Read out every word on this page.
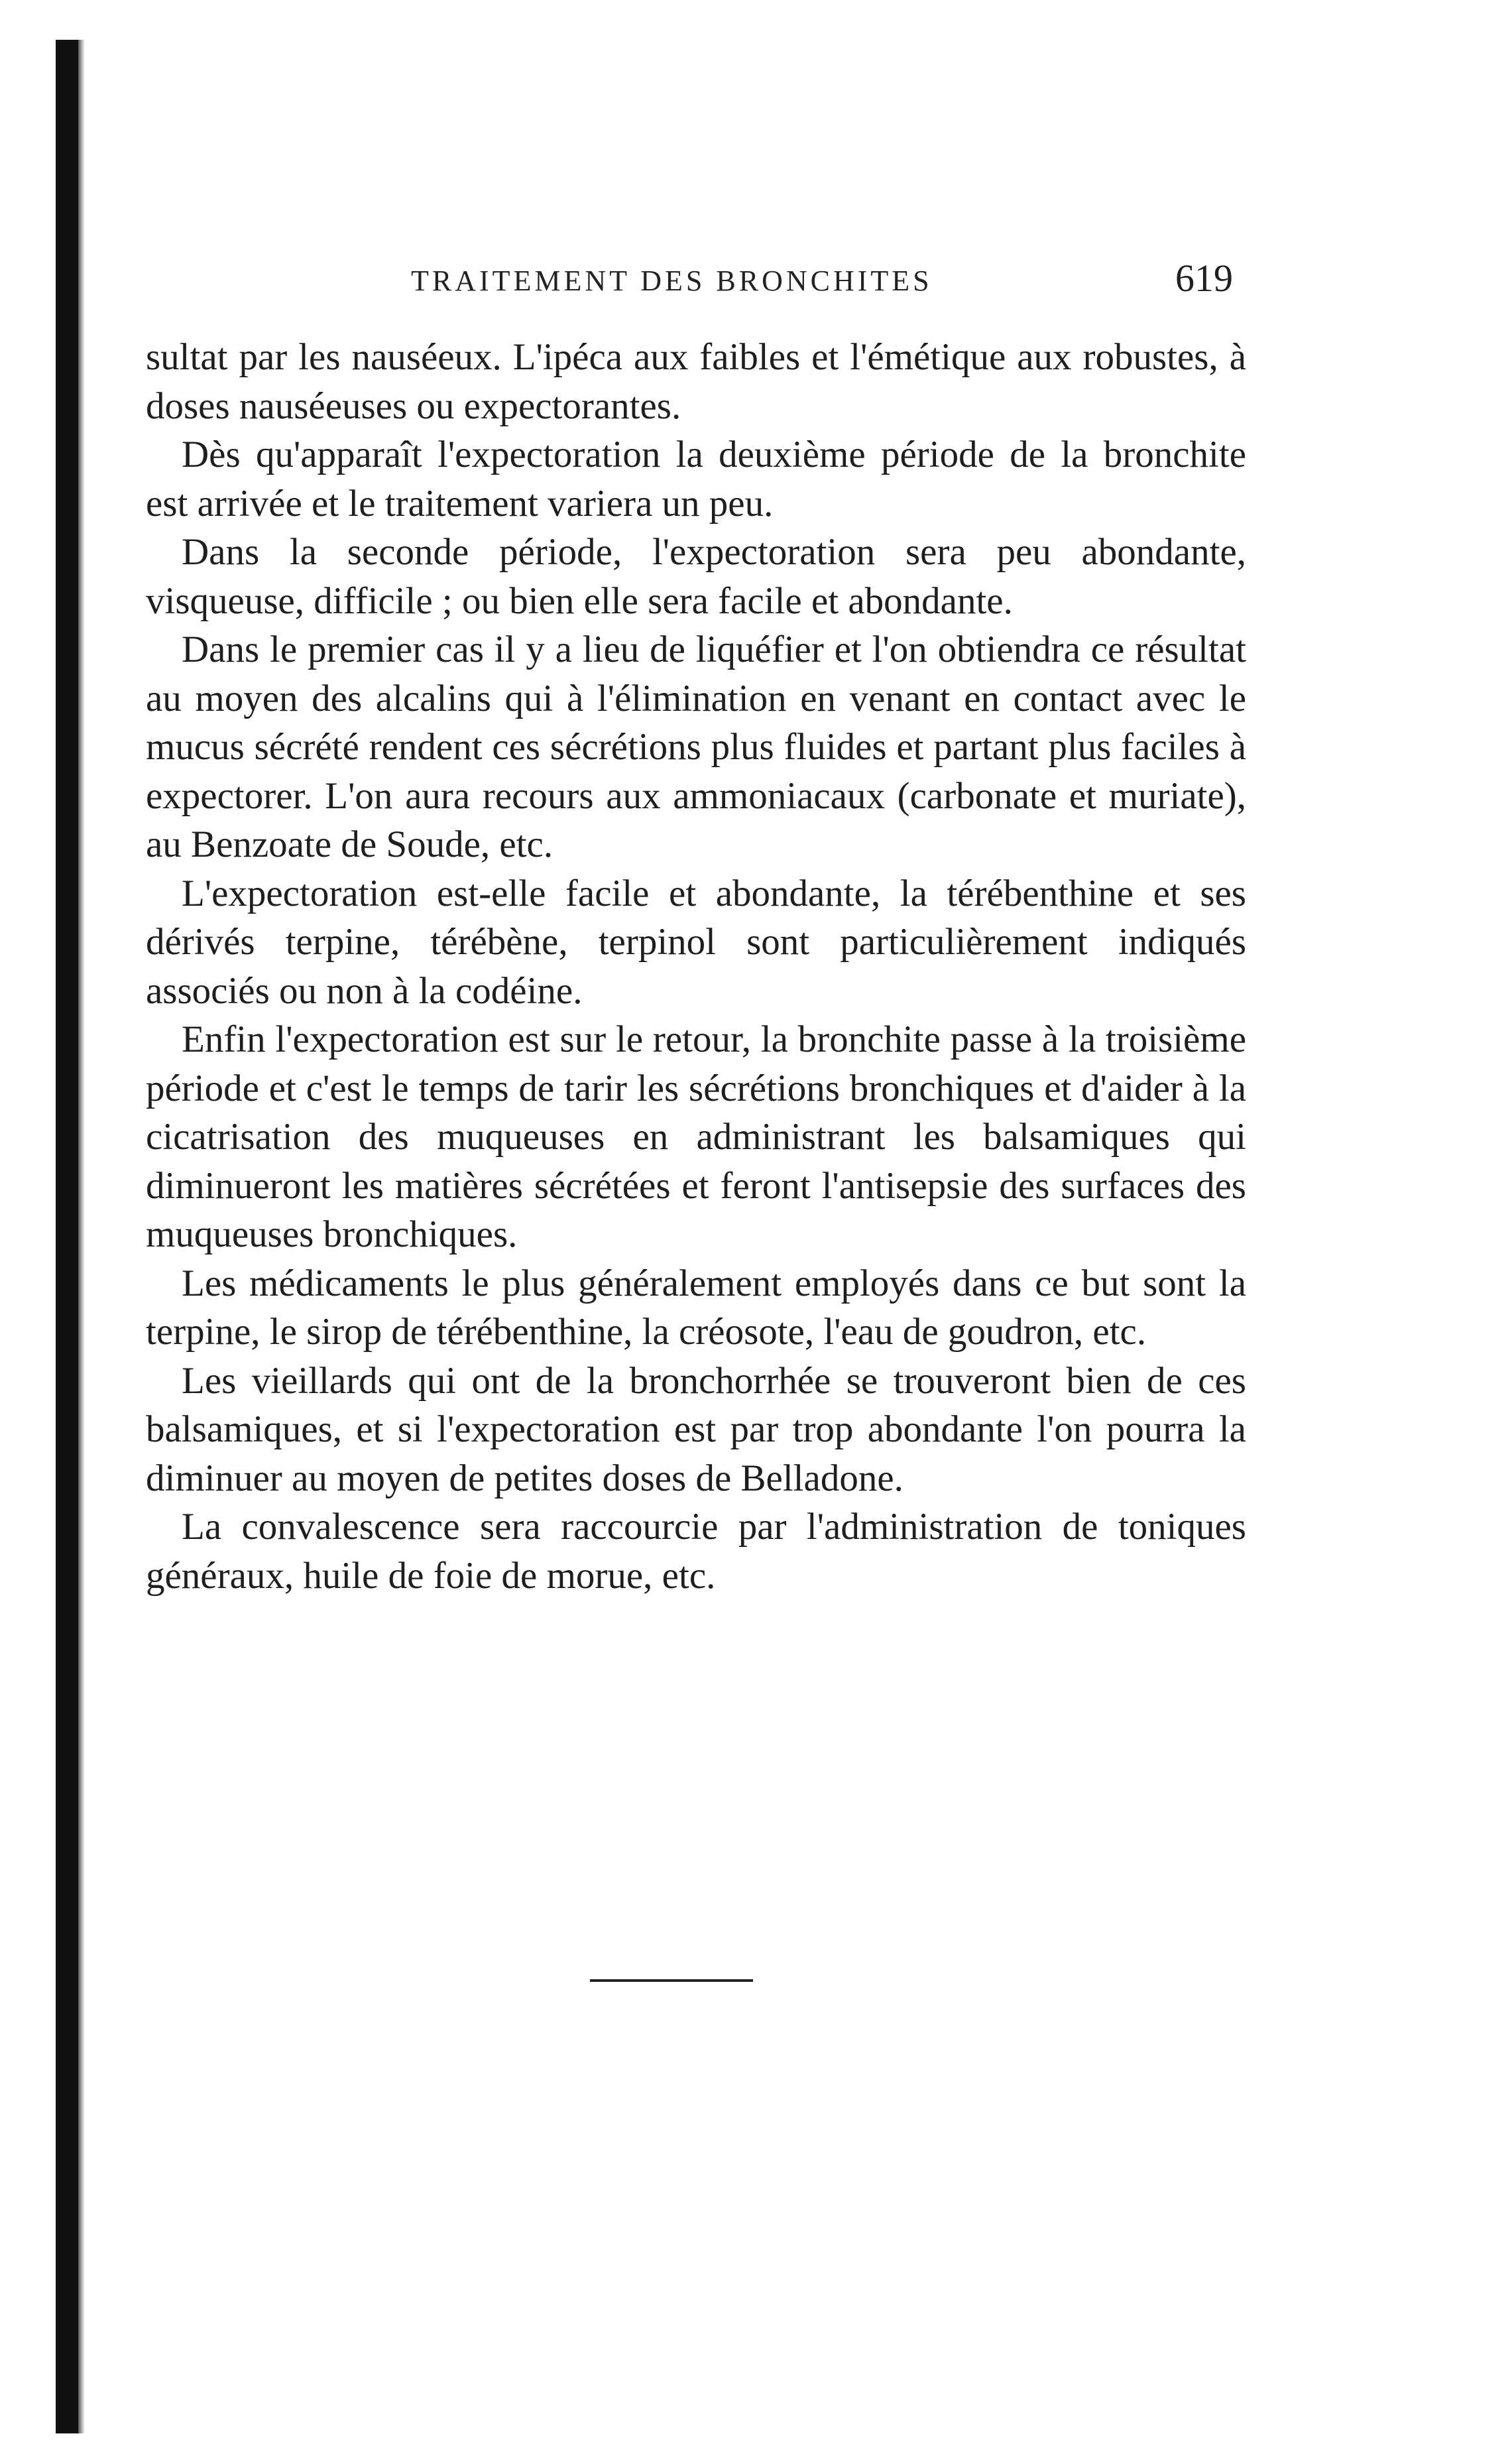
TRAITEMENT DES BRONCHITES	619

sultat par les nauséeux. L'ipéca aux faibles et l'émétique aux robustes, à doses nauséeuses ou expectorantes.

Dès qu'apparaît l'expectoration la deuxième période de la bronchite est arrivée et le traitement variera un peu.

Dans la seconde période, l'expectoration sera peu abondante, visqueuse, difficile ; ou bien elle sera facile et abondante.

Dans le premier cas il y a lieu de liquéfier et l'on obtiendra ce résultat au moyen des alcalins qui à l'élimination en venant en contact avec le mucus sécrété rendent ces sécrétions plus fluides et partant plus faciles à expectorer. L'on aura recours aux ammoniacaux (carbonate et muriate), au Benzoate de Soude, etc.

L'expectoration est-elle facile et abondante, la térébenthine et ses dérivés terpine, térébène, terpinol sont particulièrement indiqués associés ou non à la codéine.

Enfin l'expectoration est sur le retour, la bronchite passe à la troisième période et c'est le temps de tarir les sécrétions bronchiques et d'aider à la cicatrisation des muqueuses en administrant les balsamiques qui diminueront les matières sécrétées et feront l'antisepsie des surfaces des muqueuses bronchiques.

Les médicaments le plus généralement employés dans ce but sont la terpine, le sirop de térébenthine, la créosote, l'eau de goudron, etc.

Les vieillards qui ont de la bronchorrhée se trouveront bien de ces balsamiques, et si l'expectoration est par trop abondante l'on pourra la diminuer au moyen de petites doses de Belladone.

La convalescence sera raccourcie par l'administration de toniques généraux, huile de foie de morue, etc.
